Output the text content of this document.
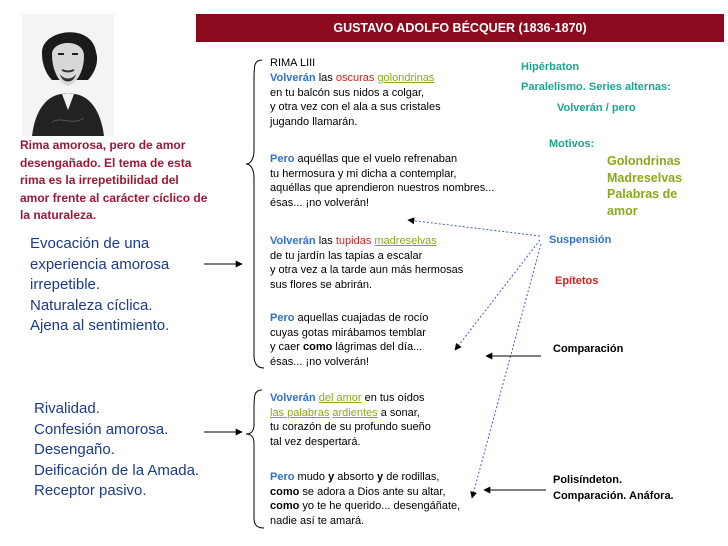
GUSTAVO ADOLFO BÉCQUER (1836-1870)
Rima amorosa, pero de amor
desengañado. El tema de esta
rima es la irrepetibilidad del
amor frente al carácter cíclico de
la naturaleza.
Evocación de una
experiencia amorosa
irrepetible.
Naturaleza cíclica.
Ajena al sentimiento.
Rivalidad.
Confesión amorosa.
Desengaño.
Deificación de la Amada.
Receptor pasivo.
RIMA LIII
Volverán las oscuras golondrinas
en tu balcón sus nidos a colgar,
y otra vez con el ala a sus cristales
jugando llamarán.
Pero aquéllas que el vuelo refrenaban
tu hermosura y mi dicha a contemplar,
aquéllas que aprendieron nuestros nombres...
ésas... ¡no volverán!
Volverán las tupidas madreselvas
de tu jardín las tapias a escalar
y otra vez a la tarde aun más hermosas
sus flores se abrirán.
Pero aquellas cuajadas de rocío
cuyas gotas mirábamos temblar
y caer como lágrimas del día...
ésas... ¡no volverán!
Volverán del amor en tus oídos
las palabras ardientes a sonar,
tu corazón de su profundo sueño
tal vez despertará.
Pero mudo y absorto y de rodillas,
como se adora a Dios ante su altar,
como yo te he querido... desengáñate,
nadie así te amará.
Hipérbaton
Paralelismo. Series alternas:
Volverán / pero
Motivos:
Golondrinas
Madreselvas
Palabras de
amor
Suspensión
Epítetos
Comparación
Polisíndeton.
Comparación. Anáfora.
